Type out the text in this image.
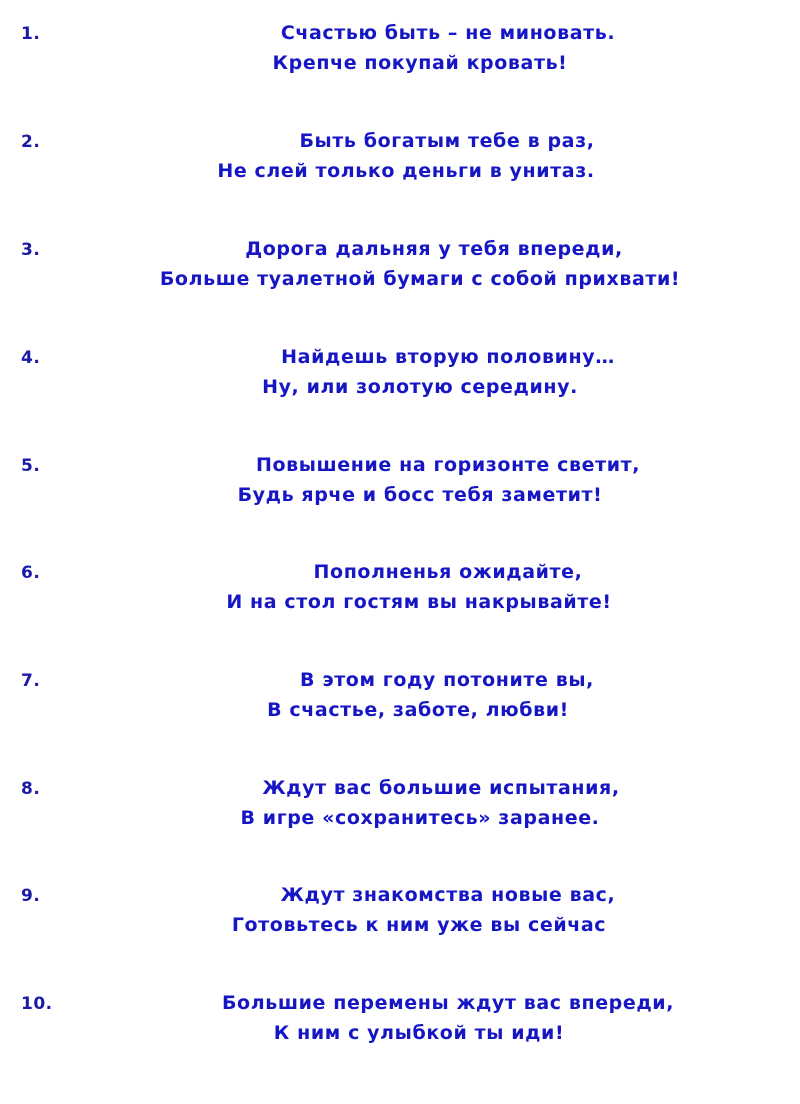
1.	Счастью быть – не миновать.
Крепче покупай кровать!
2.	Быть богатым тебе в раз,
Не слей только деньги в унитаз.
3.	Дорога дальняя у тебя впереди,
Больше туалетной бумаги с собой прихвати!
4.	Найдешь вторую половину…
Ну, или золотую середину.
5.	Повышение на горизонте светит,
Будь ярче и босс тебя заметит!
6.	Пополненья ожидайте,
И на стол гостям вы накрывайте!
7.	В этом году потоните вы,
В счастье, заботе, любви!
8.	Ждут вас большие испытания,
В игре «сохранитесь» заранее.
9.	Ждут знакомства новые вас,
Готовьтесь к ним уже вы сейчас
10.	Большие перемены ждут вас впереди,
К ним с улыбкой ты иди!
